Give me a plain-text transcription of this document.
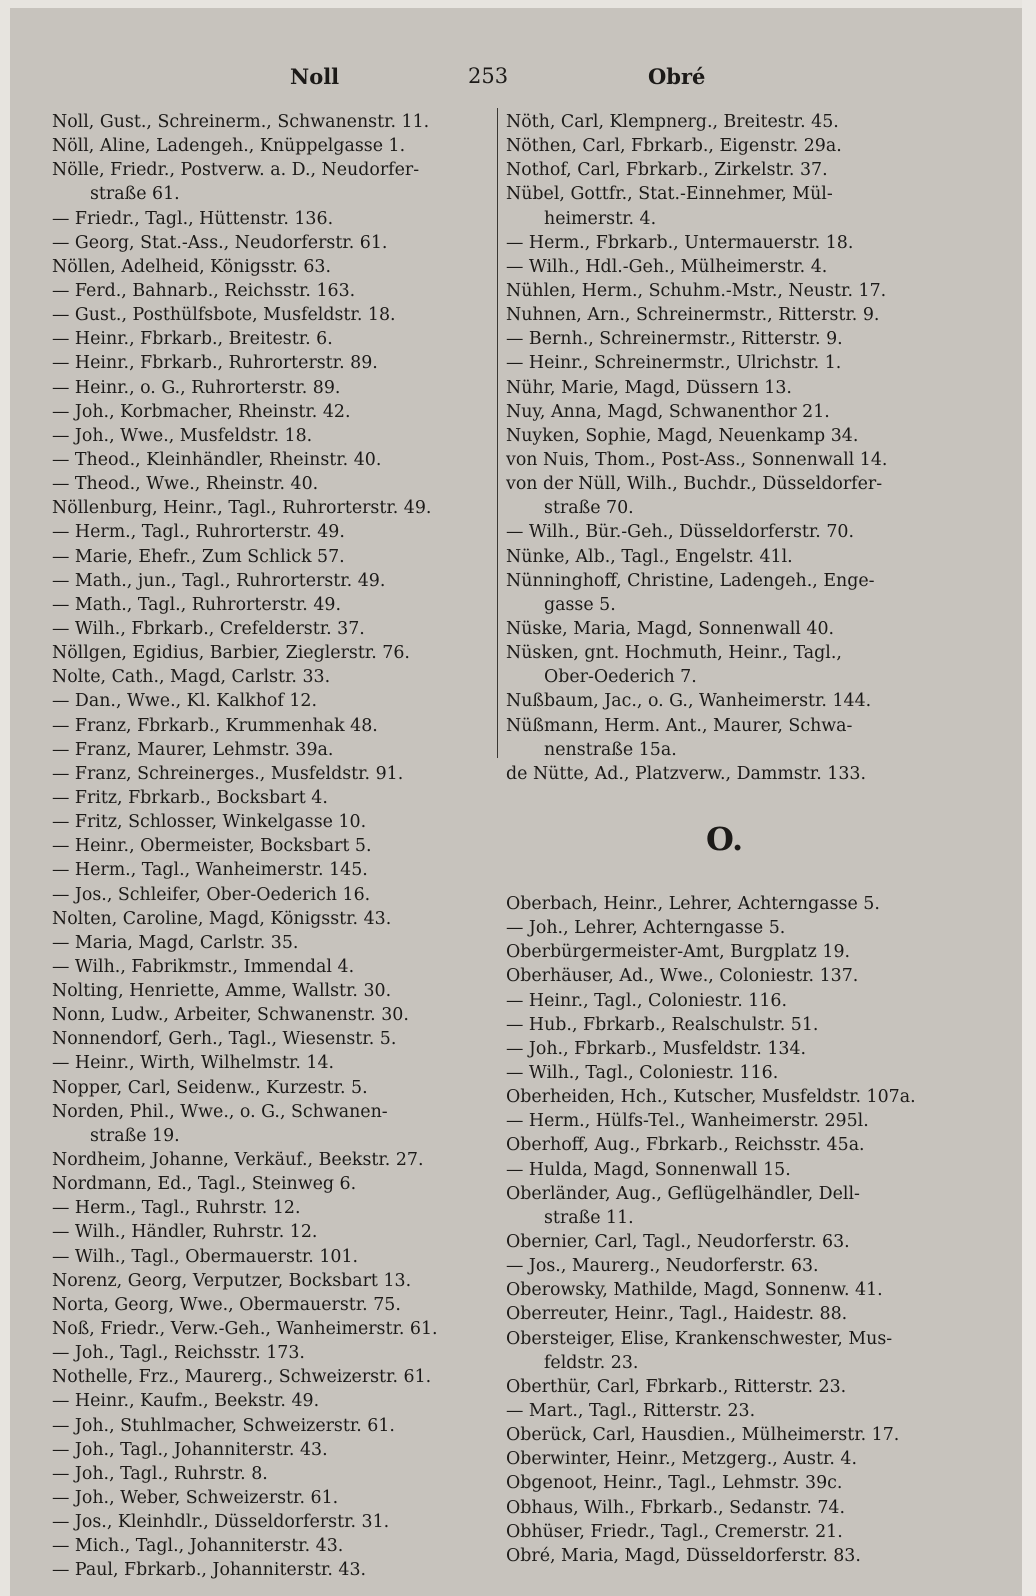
Noll	253	Obré
Noll, Gust., Schreinerm., Schwanenstr. 11.
Nöll, Aline, Ladengeh., Knüppelgasse 1.
Nölle, Friedr., Postverw. a. D., Neudorfer-
straße 61.
— Friedr., Tagl., Hüttenstr. 136.
— Georg, Stat.-Ass., Neudorferstr. 61.
Nöllen, Adelheid, Königsstr. 63.
— Ferd., Bahnarb., Reichsstr. 163.
— Gust., Posthülfsbote, Musfeldstr. 18.
— Heinr., Fbrkarb., Breitestr. 6.
— Heinr., Fbrkarb., Ruhrorterstr. 89.
— Heinr., o. G., Ruhrorterstr. 89.
— Joh., Korbmacher, Rheinstr. 42.
— Joh., Wwe., Musfeldstr. 18.
— Theod., Kleinhändler, Rheinstr. 40.
— Theod., Wwe., Rheinstr. 40.
Nöllenburg, Heinr., Tagl., Ruhrorterstr. 49.
— Herm., Tagl., Ruhrorterstr. 49.
— Marie, Ehefr., Zum Schlick 57.
— Math., jun., Tagl., Ruhrorterstr. 49.
— Math., Tagl., Ruhrorterstr. 49.
— Wilh., Fbrkarb., Crefelderstr. 37.
Nöllgen, Egidius, Barbier, Zieglerstr. 76.
Nolte, Cath., Magd, Carlstr. 33.
— Dan., Wwe., Kl. Kalkhof 12.
— Franz, Fbrkarb., Krummenhak 48.
— Franz, Maurer, Lehmstr. 39a.
— Franz, Schreinerges., Musfeldstr. 91.
— Fritz, Fbrkarb., Bocksbart 4.
— Fritz, Schlosser, Winkelgasse 10.
— Heinr., Obermeister, Bocksbart 5.
— Herm., Tagl., Wanheimerstr. 145.
— Jos., Schleifer, Ober-Oederich 16.
Nolten, Caroline, Magd, Königsstr. 43.
— Maria, Magd, Carlstr. 35.
— Wilh., Fabrikmstr., Immendal 4.
Nolting, Henriette, Amme, Wallstr. 30.
Nonn, Ludw., Arbeiter, Schwanenstr. 30.
Nonnendorf, Gerh., Tagl., Wiesenstr. 5.
— Heinr., Wirth, Wilhelmstr. 14.
Nopper, Carl, Seidenw., Kurzestr. 5.
Norden, Phil., Wwe., o. G., Schwanen-
straße 19.
Nordheim, Johanne, Verkäuf., Beekstr. 27.
Nordmann, Ed., Tagl., Steinweg 6.
— Herm., Tagl., Ruhrstr. 12.
— Wilh., Händler, Ruhrstr. 12.
— Wilh., Tagl., Obermauerstr. 101.
Norenz, Georg, Verputzer, Bocksbart 13.
Norta, Georg, Wwe., Obermauerstr. 75.
Noß, Friedr., Verw.-Geh., Wanheimerstr. 61.
— Joh., Tagl., Reichsstr. 173.
Nothelle, Frz., Maurerg., Schweizerstr. 61.
— Heinr., Kaufm., Beekstr. 49.
— Joh., Stuhlmacher, Schweizerstr. 61.
— Joh., Tagl., Johanniterstr. 43.
— Joh., Tagl., Ruhrstr. 8.
— Joh., Weber, Schweizerstr. 61.
— Jos., Kleinhdlr., Düsseldorferstr. 31.
— Mich., Tagl., Johanniterstr. 43.
— Paul, Fbrkarb., Johanniterstr. 43.
Nöth, Carl, Klempnerg., Breitestr. 45.
Nöthen, Carl, Fbrkarb., Eigenstr. 29a.
Nothof, Carl, Fbrkarb., Zirkelstr. 37.
Nübel, Gottfr., Stat.-Einnehmer, Mül-
heimerstr. 4.
— Herm., Fbrkarb., Untermauerstr. 18.
— Wilh., Hdl.-Geh., Mülheimerstr. 4.
Nühlen, Herm., Schuhm.-Mstr., Neustr. 17.
Nuhnen, Arn., Schreinermstr., Ritterstr. 9.
— Bernh., Schreinermstr., Ritterstr. 9.
— Heinr., Schreinermstr., Ulrichstr. 1.
Nühr, Marie, Magd, Düssern 13.
Nuy, Anna, Magd, Schwanenthor 21.
Nuyken, Sophie, Magd, Neuenkamp 34.
von Nuis, Thom., Post-Ass., Sonnenwall 14.
von der Nüll, Wilh., Buchdr., Düsseldorfer-
straße 70.
— Wilh., Bür.-Geh., Düsseldorferstr. 70.
Nünke, Alb., Tagl., Engelstr. 41l.
Nünninghoff, Christine, Ladengeh., Enge-
gasse 5.
Nüske, Maria, Magd, Sonnenwall 40.
Nüsken, gnt. Hochmuth, Heinr., Tagl.,
Ober-Oederich 7.
Nußbaum, Jac., o. G., Wanheimerstr. 144.
Nüßmann, Herm. Ant., Maurer, Schwa-
nenstraße 15a.
de Nütte, Ad., Platzverw., Dammstr. 133.
O.
Oberbach, Heinr., Lehrer, Achterngasse 5.
— Joh., Lehrer, Achterngasse 5.
Oberbürgermeister-Amt, Burgplatz 19.
Oberhäuser, Ad., Wwe., Coloniestr. 137.
— Heinr., Tagl., Coloniestr. 116.
— Hub., Fbrkarb., Realschulstr. 51.
— Joh., Fbrkarb., Musfeldstr. 134.
— Wilh., Tagl., Coloniestr. 116.
Oberheiden, Hch., Kutscher, Musfeldstr. 107a.
— Herm., Hülfs-Tel., Wanheimerstr. 295l.
Oberhoff, Aug., Fbrkarb., Reichsstr. 45a.
— Hulda, Magd, Sonnenwall 15.
Oberländer, Aug., Geflügelhändler, Dell-
straße 11.
Obernier, Carl, Tagl., Neudorferstr. 63.
— Jos., Maurerg., Neudorferstr. 63.
Oberowsky, Mathilde, Magd, Sonnenw. 41.
Oberreuter, Heinr., Tagl., Haidestr. 88.
Obersteiger, Elise, Krankenschwester, Mus-
feldstr. 23.
Oberthür, Carl, Fbrkarb., Ritterstr. 23.
— Mart., Tagl., Ritterstr. 23.
Oberück, Carl, Hausdien., Mülheimerstr. 17.
Oberwinter, Heinr., Metzgerg., Austr. 4.
Obgenoot, Heinr., Tagl., Lehmstr. 39c.
Obhaus, Wilh., Fbrkarb., Sedanstr. 74.
Obhüser, Friedr., Tagl., Cremerstr. 21.
Obré, Maria, Magd, Düsseldorferstr. 83.
